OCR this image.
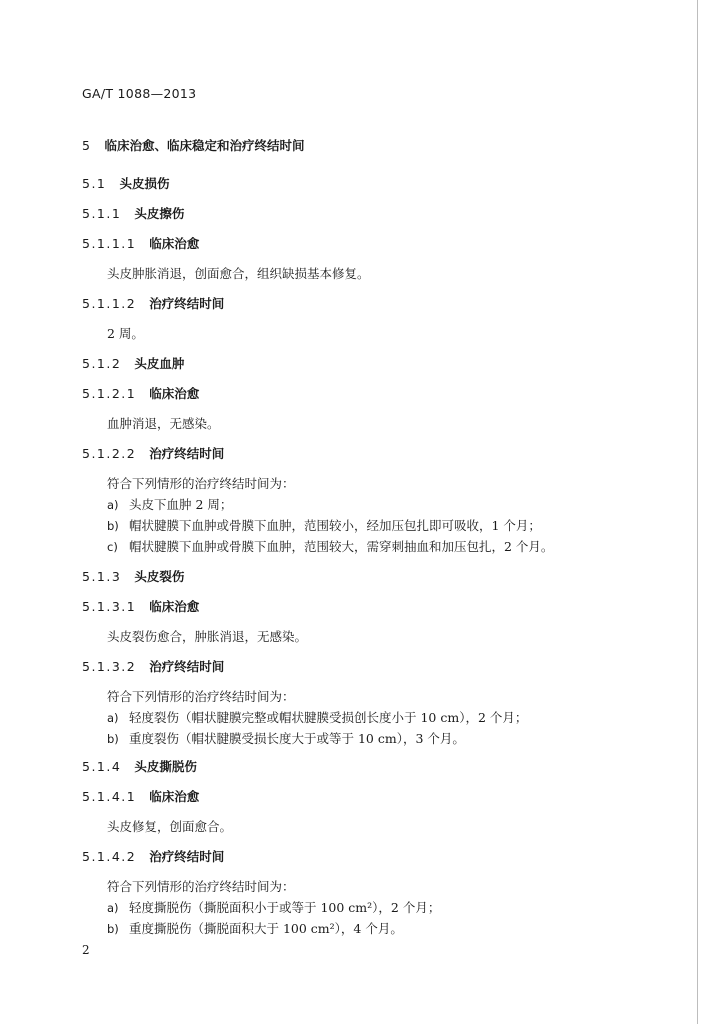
GA/T 1088—2013
5 临床治愈、临床稳定和治疗终结时间
5.1 头皮损伤
5.1.1 头皮擦伤
5.1.1.1 临床治愈
头皮肿胀消退，创面愈合，组织缺损基本修复。
5.1.1.2 治疗终结时间
2 周。
5.1.2 头皮血肿
5.1.2.1 临床治愈
血肿消退，无感染。
5.1.2.2 治疗终结时间
符合下列情形的治疗终结时间为：
a) 头皮下血肿 2 周；
b) 帽状腱膜下血肿或骨膜下血肿，范围较小，经加压包扎即可吸收，1 个月；
c) 帽状腱膜下血肿或骨膜下血肿，范围较大，需穿刺抽血和加压包扎，2 个月。
5.1.3 头皮裂伤
5.1.3.1 临床治愈
头皮裂伤愈合，肿胀消退，无感染。
5.1.3.2 治疗终结时间
符合下列情形的治疗终结时间为：
a) 轻度裂伤（帽状腱膜完整或帽状腱膜受损创长度小于 10 cm），2 个月；
b) 重度裂伤（帽状腱膜受损长度大于或等于 10 cm），3 个月。
5.1.4 头皮撕脱伤
5.1.4.1 临床治愈
头皮修复，创面愈合。
5.1.4.2 治疗终结时间
符合下列情形的治疗终结时间为：
a) 轻度撕脱伤（撕脱面积小于或等于 100 cm²），2 个月；
b) 重度撕脱伤（撕脱面积大于 100 cm²），4 个月。
2
